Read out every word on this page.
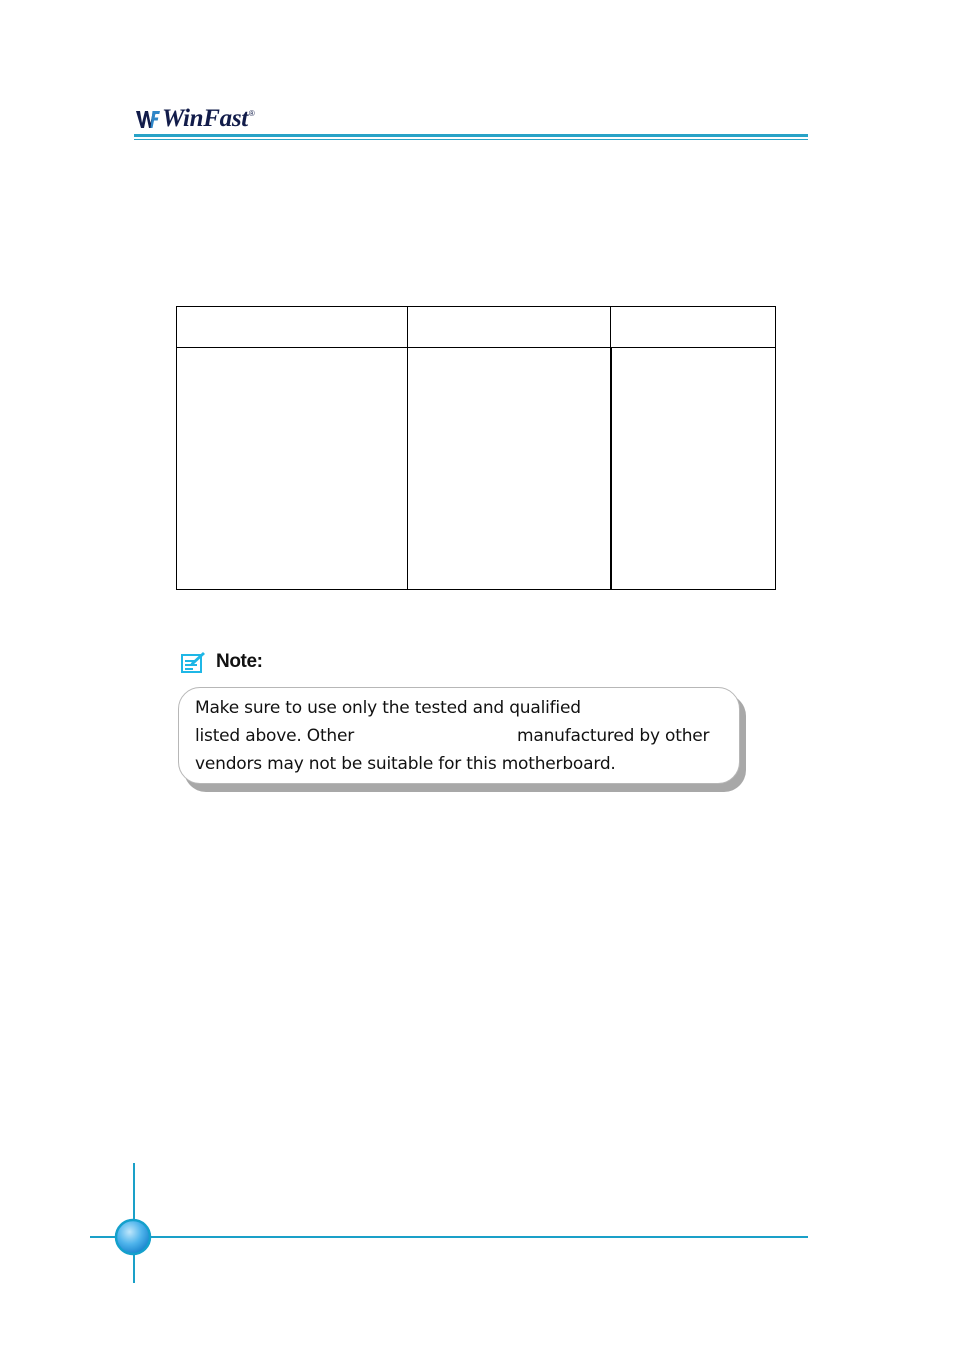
WinFast ®

Note:
Make sure to use only the tested and qualified
listed above. Other	manufactured by other
vendors may not be suitable for this motherboard.
